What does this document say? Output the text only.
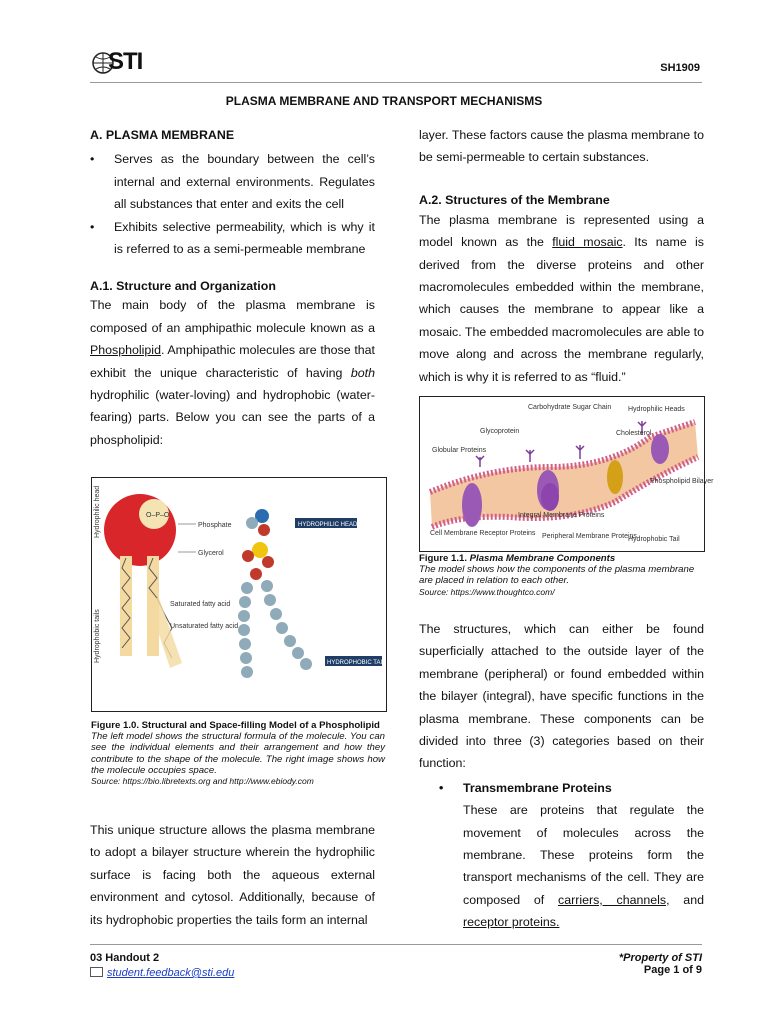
STI	SH1909
PLASMA MEMBRANE AND TRANSPORT MECHANISMS
A. PLASMA MEMBRANE

• Serves as the boundary between the cell’s internal and external environments. Regulates all substances that enter and exits the cell

• Exhibits selective permeability, which is why it is referred to as a semi-permeable membrane

A.1. Structure and Organization

The main body of the plasma membrane is composed of an amphipathic molecule known as a Phospholipid. Amphipathic molecules are those that exhibit the unique characteristic of having both hydrophilic (water-loving) and hydrophobic (water-fearing) parts. Below you can see the parts of a phospholipid:

Hydrophilic head
Hydrophobic tails
O–P–O
Phosphate
Glycerol
Saturated fatty acid
Unsaturated fatty acid
HYDROPHILIC HEAD
HYDROPHOBIC TAIL
Figure 1.0. Structural and Space-filling Model of a Phospholipid
The left model shows the structural formula of the molecule. You can see the individual elements and their arrangement and how they contribute to the shape of the molecule. The right image shows how the molecule occupies space.
Source: https://bio.libretexts.org and http://www.ebiody.com

This unique structure allows the plasma membrane to adopt a bilayer structure wherein the hydrophilic surface is facing both the aqueous external environment and cytosol. Additionally, because of its hydrophobic properties the tails form an internal

layer. These factors cause the plasma membrane to be semi-permeable to certain substances.

A.2. Structures of the Membrane

The plasma membrane is represented using a model known as the fluid mosaic. Its name is derived from the diverse proteins and other macromolecules embedded within the membrane, which causes the membrane to appear like a mosaic. The embedded macromolecules are able to move along and across the membrane regularly, which is why it is referred to as “fluid.”

Carbohydrate Sugar Chain Hydrophilic Heads
Glycoprotein	Cholesterol
Globular Proteins
Phospholipid Bilayer
Integral Membrane Proteins
Cell Membrane Receptor Proteins Peripheral Membrane Proteins
Hydrophobic Tail
Figure 1.1. Plasma Membrane Components
The model shows how the components of the plasma membrane are placed in relation to each other.
Source: https://www.thoughtco.com/

The structures, which can either be found superficially attached to the outside layer of the membrane (peripheral) or found embedded within the bilayer (integral), have specific functions in the plasma membrane. These components can be divided into three (3) categories based on their function:

• Transmembrane Proteins

These are proteins that regulate the movement of molecules across the membrane. These proteins form the transport mechanisms of the cell. They are composed of carriers, channels, and receptor proteins.

03 Handout 2
student.feedback@sti.edu
*Property of STI
Page 1 of 9
